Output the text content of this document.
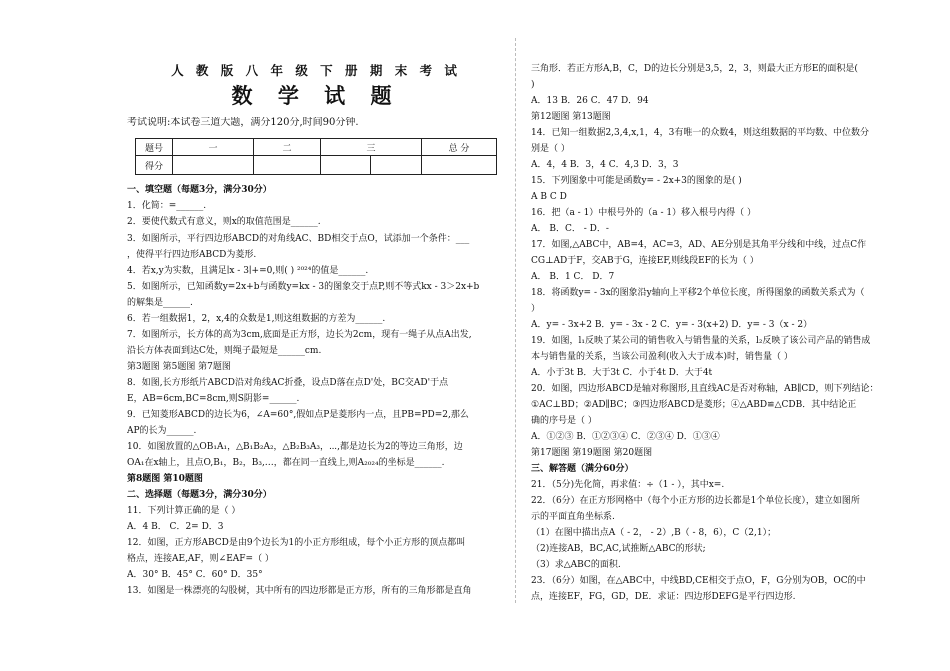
人 教 版 八 年 级 下 册 期 末 考 试
数 学 试 题
考试说明:本试卷三道大题，满分120分,时间90分钟.
题号	一	二	三		总 分
得分					
一、填空题（每题3分，满分30分）
1．化简：=______.
2．要使代数式有意义，则x的取值范围是______.
3．如图所示，平行四边形ABCD的对角线AC、BD相交于点O，试添加一个条件：___
，使得平行四边形ABCD为菱形.
4．若x,y为实数，且满足∣x - 3∣+=0,则( ) ²⁰²⁴的值是______.
5．如图所示，已知函数y=2x+b与函数y=kx - 3的图象交于点P,则不等式kx - 3＞2x+b
的解集是______.
6．若一组数据1，2，x,4的众数是1,则这组数据的方差为______.
7．如图所示，长方体的高为3cm,底面是正方形，边长为2cm，现有一绳子从点A出发,
沿长方体表面到达C处，则绳子最短是______cm.
第3题图 第5题图 第7题图
8．如图,长方形纸片ABCD沿对角线AC折叠，设点D落在点D'处，BC交AD'于点
E，AB=6cm,BC=8cm,则S阴影=______.
9．已知菱形ABCD的边长为6，∠A=60°,假如点P是菱形内一点，且PB=PD=2,那么
AP的长为______.
10．如图放置的△OB₁A₁，△B₁B₂A₂，△B₂B₃A₃，⋯,都是边长为2的等边三角形，边
OA₁在x轴上，且点O,B₁，B₂，B₃,…，都在同一直线上,则A₂₀₂₄的坐标是______.
第8题图 第10题图
二、选择题（每题3分，满分30分）
11．下列计算正确的是（ ）
A．4 B． C．2= D．3
12．如图，正方形ABCD是由9个边长为1的小正方形组成，每个小正方形的顶点都叫
格点，连接AE,AF，则∠EAF=（ ）
A．30° B．45° C．60° D．35°
13．如图是一株漂亮的勾股树，其中所有的四边形都是正方形，所有的三角形都是直角
三角形．若正方形A,B，C，D的边长分别是3,5，2，3，则最大正方形E的面积是(
)
A．13 B．26 C．47 D．94
第12题图 第13题图
14．已知一组数据2,3,4,x,1，4，3有唯一的众数4，则这组数据的平均数、中位数分
别是（ ）
A．4，4 B．3，4 C．4,3 D．3，3
15．下列图象中可能是函数y= - 2x+3的图象的是( )
A B C D
16．把（a - 1）中根号外的（a - 1）移入根号内得（ ）
A． B．C． - D．-
17．如图,△ABC中，AB=4，AC=3，AD、AE分别是其角平分线和中线，过点C作
CG⊥AD于F，交AB于G，连接EF,则线段EF的长为（ ）
A． B．1 C． D．7
18．将函数y= - 3x的图象沿y轴向上平移2个单位长度，所得图象的函数关系式为（
）
A．y= - 3x+2 B．y= - 3x - 2 C．y= - 3(x+2) D．y= - 3（x - 2）
19．如图，l₁反映了某公司的销售收入与销售量的关系，l₂反映了该公司产品的销售成
本与销售量的关系，当该公司盈利(收入大于成本)时，销售量（ ）
A．小于3t B．大于3t C．小于4t D．大于4t
20．如图，四边形ABCD是轴对称图形,且直线AC是否对称轴，AB∥CD，则下列结论：
①AC⊥BD；②AD∥BC；③四边形ABCD是菱形；④△ABD≌△CDB．其中结论正
确的序号是（ ）
A．①②③ B．①②③④ C．②③④ D．①③④
第17题图 第19题图 第20题图
三、解答题（满分60分）
21．（5分)先化简，再求值：÷（1 - ），其中x=.
22．（6分）在正方形网格中（每个小正方形的边长都是1个单位长度），建立如图所
示的平面直角坐标系.
（1）在图中描出点A（ - 2， - 2）,B（ - 8，6），C（2,1）；
（2)连接AB，BC,AC,试推断△ABC的形状;
（3）求△ABC的面积.
23．（6分）如图，在△ABC中，中线BD,CE相交于点O，F，G分别为OB，OC的中
点，连接EF，FG，GD，DE．求证：四边形DEFG是平行四边形.
